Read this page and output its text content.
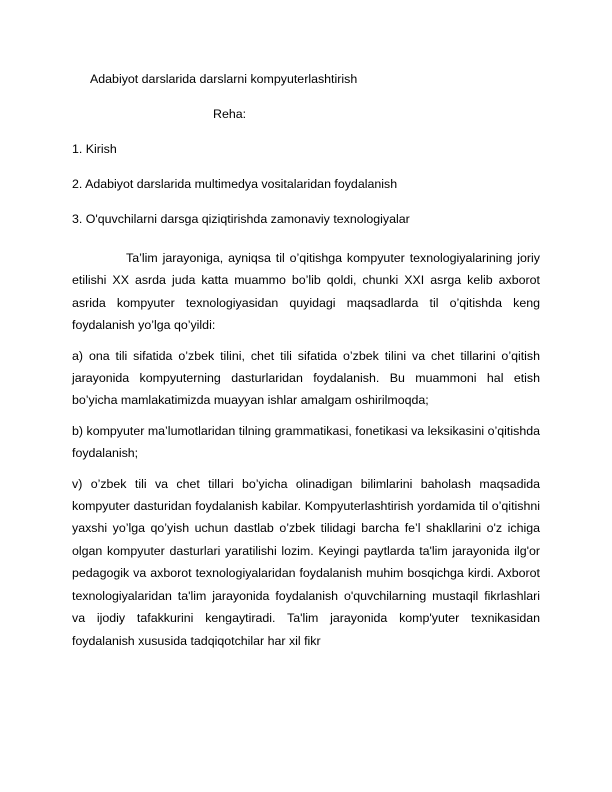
Adabiyot darslarida darslarni kompyuterlashtirish

Reha:
1. Kirish
2. Adabiyot darslarida multimedya vositalaridan foydalanish
3. O'quvchilarni darsga qiziqtirishda zamonaviy texnologiyalar

Ta’lim jarayoniga, ayniqsa til o’qitishga kompyuter texnologiyalarining joriy etilishi XX asrda juda katta muammo bo’lib qoldi, chunki XXI asrga kelib axborot asrida kompyuter texnologiyasidan quyidagi maqsadlarda til o’qitishda keng foydalanish yo’lga qo’yildi:

a) ona tili sifatida o’zbek tilini, chet tili sifatida o’zbek tilini va chet tillarini o’qitish jarayonida kompyuterning dasturlaridan foydalanish. Bu muammoni hal etish bo’yicha mamlakatimizda muayyan ishlar amalgam oshirilmoqda;

b) kompyuter ma’lumotlaridan tilning grammatikasi, fonetikasi va leksikasini o’qitishda foydalanish;

v) o’zbek tili va chet tillari bo’yicha olinadigan bilimlarini baholash maqsadida kompyuter dasturidan foydalanish kabilar. Kompyuterlashtirish yordamida til o’qitishni yaxshi yo’lga qo’yish uchun dastlab o’zbek tilidagi barcha fe’l shakllarini o'z ichiga olgan kompyuter dasturlari yaratilishi lozim. Keyingi paytlarda ta'lim jarayonida ilg'or pedagogik va axborot texnologiyalaridan foydalanish muhim bosqichga kirdi. Axborot texnologiyalaridan ta'lim jarayonida foydalanish o'quvchilarning mustaqil fikrlashlari va ijodiy tafakkurini kengaytiradi. Ta'lim jarayonida komp'yuter texnikasidan foydalanish xususida tadqiqotchilar har xil fikr
